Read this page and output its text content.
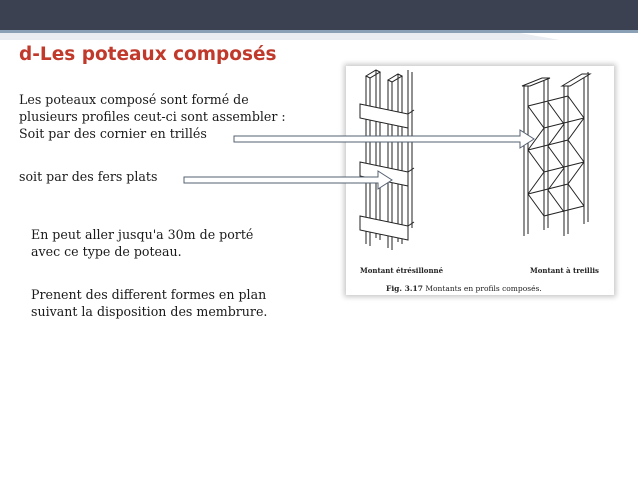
d-Les poteaux composés

Les poteaux composé sont formé de

plusieurs profiles ceut-ci sont assembler :

Soit par des cornier en trillés

soit par des fers plats

En peut aller jusqu'a 30m de porté

avec ce type de poteau.

Prenent des different formes en plan

suivant la disposition des membrure.

Montant étrésillonné	Montant à treillis
Fig. 3.17 Montants en profils composés.
